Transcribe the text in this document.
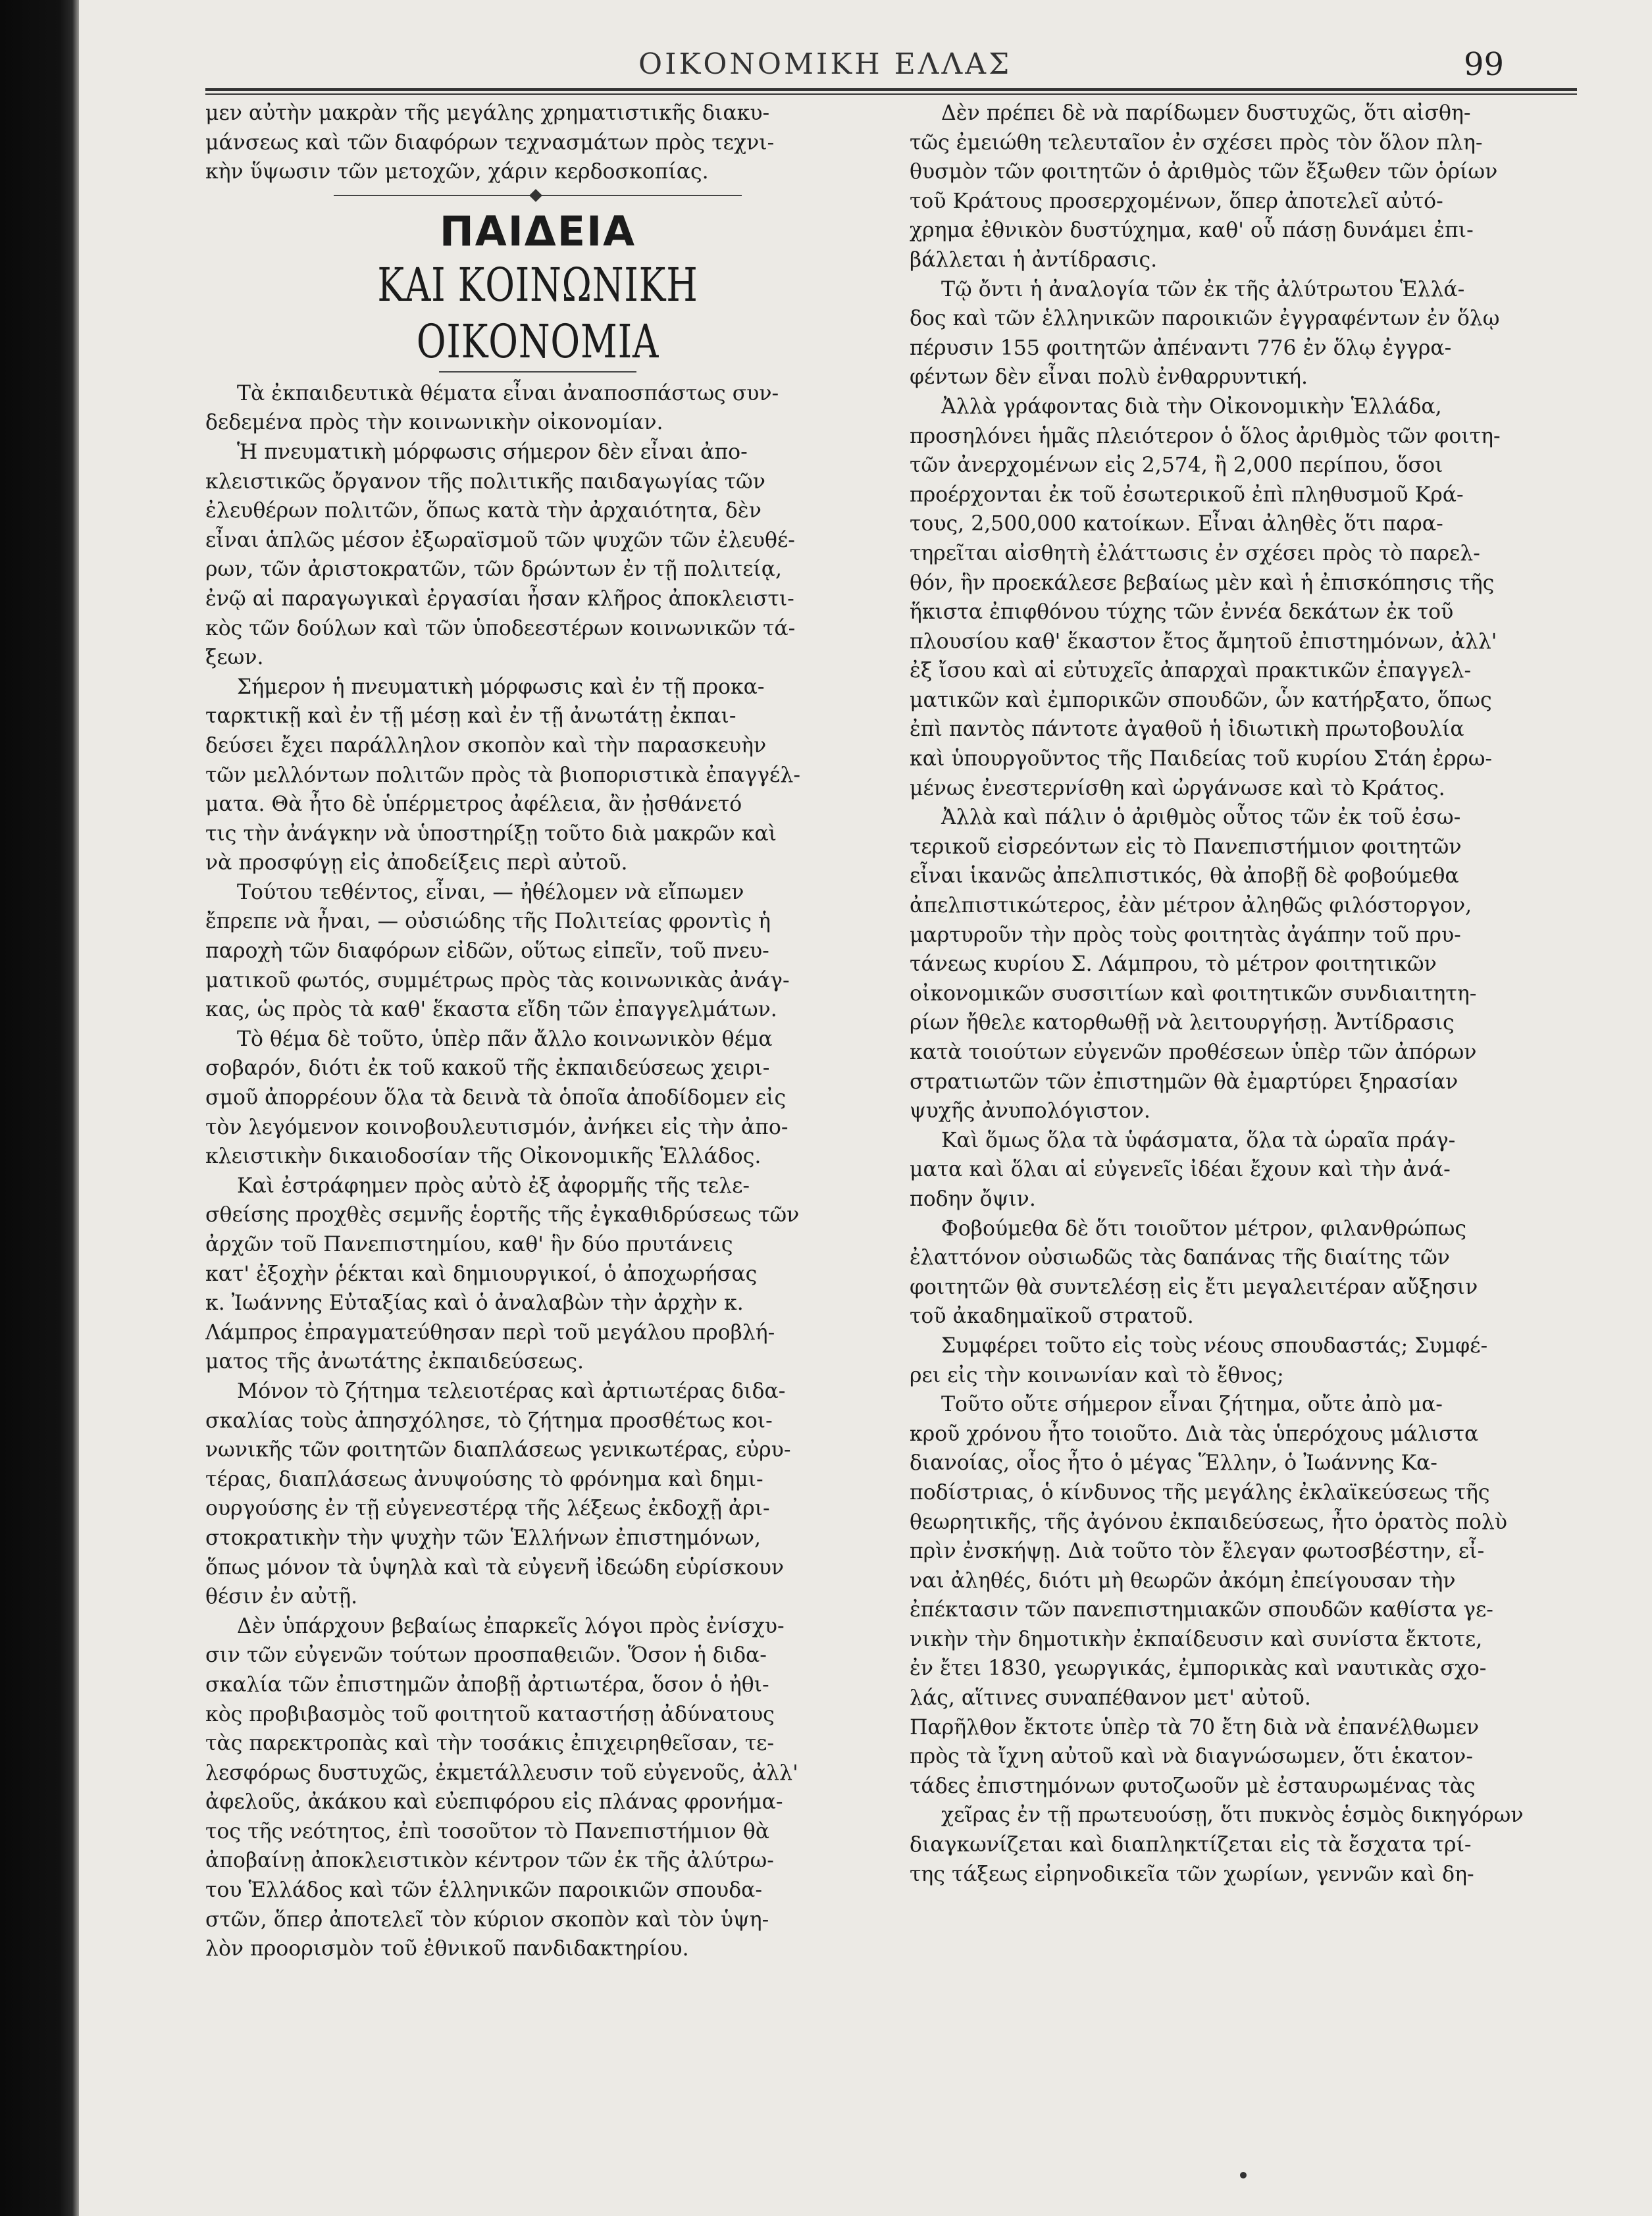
ΟΙΚΟΝΟΜΙΚΗ ΕΛΛΑΣ	99
μεν αὐτὴν μακρὰν τῆς μεγάλης χρηματιστικῆς διακυ-
μάνσεως καὶ τῶν διαφόρων τεχνασμάτων πρὸς τεχνι-
κὴν ὕψωσιν τῶν μετοχῶν, χάριν κερδοσκοπίας.
ΠΑΙΔΕΙΑ
ΚΑΙ ΚΟΙΝΩΝΙΚΗ ΟΙΚΟΝΟΜΙΑ
Τὰ ἐκπαιδευτικὰ θέματα εἶναι ἀναποσπάστως συν-
δεδεμένα πρὸς τὴν κοινωνικὴν οἰκονομίαν.
Ἡ πνευματικὴ μόρφωσις σήμερον δὲν εἶναι ἀπο-
κλειστικῶς ὄργανον τῆς πολιτικῆς παιδαγωγίας τῶν
ἐλευθέρων πολιτῶν, ὅπως κατὰ τὴν ἀρχαιότητα, δὲν
εἶναι ἁπλῶς μέσον ἐξωραϊσμοῦ τῶν ψυχῶν τῶν ἐλευθέ-
ρων, τῶν ἀριστοκρατῶν, τῶν δρώντων ἐν τῇ πολιτείᾳ,
ἐνῷ αἱ παραγωγικαὶ ἐργασίαι ἦσαν κλῆρος ἀποκλειστι-
κὸς τῶν δούλων καὶ τῶν ὑποδεεστέρων κοινωνικῶν τά-
ξεων.
Σήμερον ἡ πνευματικὴ μόρφωσις καὶ ἐν τῇ προκα-
ταρκτικῇ καὶ ἐν τῇ μέσῃ καὶ ἐν τῇ ἀνωτάτῃ ἐκπαι-
δεύσει ἔχει παράλληλον σκοπὸν καὶ τὴν παρασκευὴν
τῶν μελλόντων πολιτῶν πρὸς τὰ βιοποριστικὰ ἐπαγγέλ-
ματα. Θὰ ἦτο δὲ ὑπέρμετρος ἀφέλεια, ἂν ᾐσθάνετό
τις τὴν ἀνάγκην νὰ ὑποστηρίξῃ τοῦτο διὰ μακρῶν καὶ
νὰ προσφύγῃ εἰς ἀποδείξεις περὶ αὐτοῦ.
Τούτου τεθέντος, εἶναι, — ἠθέλομεν νὰ εἴπωμεν
ἔπρεπε νὰ ἦναι, — οὐσιώδης τῆς Πολιτείας φροντὶς ἡ
παροχὴ τῶν διαφόρων εἰδῶν, οὕτως εἰπεῖν, τοῦ πνευ-
ματικοῦ φωτός, συμμέτρως πρὸς τὰς κοινωνικὰς ἀνάγ-
κας, ὡς πρὸς τὰ καθ' ἕκαστα εἴδη τῶν ἐπαγγελμάτων.
Τὸ θέμα δὲ τοῦτο, ὑπὲρ πᾶν ἄλλο κοινωνικὸν θέμα
σοβαρόν, διότι ἐκ τοῦ κακοῦ τῆς ἐκπαιδεύσεως χειρι-
σμοῦ ἀπορρέουν ὅλα τὰ δεινὰ τὰ ὁποῖα ἀποδίδομεν εἰς
τὸν λεγόμενον κοινοβουλευτισμόν, ἀνήκει εἰς τὴν ἀπο-
κλειστικὴν δικαιοδοσίαν τῆς Οἰκονομικῆς Ἑλλάδος.
Καὶ ἐστράφημεν πρὸς αὐτὸ ἐξ ἀφορμῆς τῆς τελε-
σθείσης προχθὲς σεμνῆς ἑορτῆς τῆς ἐγκαθιδρύσεως τῶν
ἀρχῶν τοῦ Πανεπιστημίου, καθ' ἣν δύο πρυτάνεις
κατ' ἐξοχὴν ῥέκται καὶ δημιουργικοί, ὁ ἀποχωρήσας
κ. Ἰωάννης Εὐταξίας καὶ ὁ ἀναλαβὼν τὴν ἀρχὴν κ.
Λάμπρος ἐπραγματεύθησαν περὶ τοῦ μεγάλου προβλή-
ματος τῆς ἀνωτάτης ἐκπαιδεύσεως.
Μόνον τὸ ζήτημα τελειοτέρας καὶ ἀρτιωτέρας διδα-
σκαλίας τοὺς ἀπησχόλησε, τὸ ζήτημα προσθέτως κοι-
νωνικῆς τῶν φοιτητῶν διαπλάσεως γενικωτέρας, εὐρυ-
τέρας, διαπλάσεως ἀνυψούσης τὸ φρόνημα καὶ δημι-
ουργούσης ἐν τῇ εὐγενεστέρᾳ τῆς λέξεως ἐκδοχῇ ἀρι-
στοκρατικὴν τὴν ψυχὴν τῶν Ἑλλήνων ἐπιστημόνων,
ὅπως μόνον τὰ ὑψηλὰ καὶ τὰ εὐγενῆ ἰδεώδη εὑρίσκουν
θέσιν ἐν αὐτῇ.
Δὲν ὑπάρχουν βεβαίως ἐπαρκεῖς λόγοι πρὸς ἐνίσχυ-
σιν τῶν εὐγενῶν τούτων προσπαθειῶν. Ὅσον ἡ διδα-
σκαλία τῶν ἐπιστημῶν ἀποβῇ ἀρτιωτέρα, ὅσον ὁ ἠθι-
κὸς προβιβασμὸς τοῦ φοιτητοῦ καταστήσῃ ἀδύνατους
τὰς παρεκτροπὰς καὶ τὴν τοσάκις ἐπιχειρηθεῖσαν, τε-
λεσφόρως δυστυχῶς, ἐκμετάλλευσιν τοῦ εὐγενοῦς, ἀλλ'
ἀφελοῦς, ἀκάκου καὶ εὐεπιφόρου εἰς πλάνας φρονήμα-
τος τῆς νεότητος, ἐπὶ τοσοῦτον τὸ Πανεπιστήμιον θὰ
ἀποβαίνῃ ἀποκλειστικὸν κέντρον τῶν ἐκ τῆς ἀλύτρω-
του Ἑλλάδος καὶ τῶν ἑλληνικῶν παροικιῶν σπουδα-
στῶν, ὅπερ ἀποτελεῖ τὸν κύριον σκοπὸν καὶ τὸν ὑψη-
λὸν προορισμὸν τοῦ ἐθνικοῦ πανδιδακτηρίου.
Δὲν πρέπει δὲ νὰ παρίδωμεν δυστυχῶς, ὅτι αἰσθη-
τῶς ἐμειώθη τελευταῖον ἐν σχέσει πρὸς τὸν ὅλον πλη-
θυσμὸν τῶν φοιτητῶν ὁ ἀριθμὸς τῶν ἔξωθεν τῶν ὁρίων
τοῦ Κράτους προσερχομένων, ὅπερ ἀποτελεῖ αὐτό-
χρημα ἐθνικὸν δυστύχημα, καθ' οὗ πάσῃ δυνάμει ἐπι-
βάλλεται ἡ ἀντίδρασις.
Τῷ ὄντι ἡ ἀναλογία τῶν ἐκ τῆς ἀλύτρωτου Ἑλλά-
δος καὶ τῶν ἑλληνικῶν παροικιῶν ἐγγραφέντων ἐν ὅλῳ
πέρυσιν 155 φοιτητῶν ἀπέναντι 776 ἐν ὅλῳ ἐγγρα-
φέντων δὲν εἶναι πολὺ ἐνθαρρυντική.
Ἀλλὰ γράφοντας διὰ τὴν Οἰκονομικὴν Ἑλλάδα,
προσηλόνει ἡμᾶς πλειότερον ὁ ὅλος ἀριθμὸς τῶν φοιτη-
τῶν ἀνερχομένων εἰς 2,574, ἢ 2,000 περίπου, ὅσοι
προέρχονται ἐκ τοῦ ἐσωτερικοῦ ἐπὶ πληθυσμοῦ Κρά-
τους, 2,500,000 κατοίκων. Εἶναι ἀληθὲς ὅτι παρα-
τηρεῖται αἰσθητὴ ἐλάττωσις ἐν σχέσει πρὸς τὸ παρελ-
θόν, ἣν προεκάλεσε βεβαίως μὲν καὶ ἡ ἐπισκόπησις τῆς
ἥκιστα ἐπιφθόνου τύχης τῶν ἐννέα δεκάτων ἐκ τοῦ
πλουσίου καθ' ἕκαστον ἔτος ἄμητοῦ ἐπιστημόνων, ἀλλ'
ἐξ ἴσου καὶ αἱ εὐτυχεῖς ἀπαρχαὶ πρακτικῶν ἐπαγγελ-
ματικῶν καὶ ἐμπορικῶν σπουδῶν, ὧν κατήρξατο, ὅπως
ἐπὶ παντὸς πάντοτε ἀγαθοῦ ἡ ἰδιωτικὴ πρωτοβουλία
καὶ ὑπουργοῦντος τῆς Παιδείας τοῦ κυρίου Στάη ἐρρω-
μένως ἐνεστερνίσθη καὶ ὠργάνωσε καὶ τὸ Κράτος.
Ἀλλὰ καὶ πάλιν ὁ ἀριθμὸς οὗτος τῶν ἐκ τοῦ ἐσω-
τερικοῦ εἰσρεόντων εἰς τὸ Πανεπιστήμιον φοιτητῶν
εἶναι ἱκανῶς ἀπελπιστικός, θὰ ἀποβῇ δὲ φοβούμεθα
ἀπελπιστικώτερος, ἐὰν μέτρον ἀληθῶς φιλόστοργον,
μαρτυροῦν τὴν πρὸς τοὺς φοιτητὰς ἀγάπην τοῦ πρυ-
τάνεως κυρίου Σ. Λάμπρου, τὸ μέτρον φοιτητικῶν
οἰκονομικῶν συσσιτίων καὶ φοιτητικῶν συνδιαιτητη-
ρίων ἤθελε κατορθωθῇ νὰ λειτουργήσῃ. Ἀντίδρασις
κατὰ τοιούτων εὐγενῶν προθέσεων ὑπὲρ τῶν ἀπόρων
στρατιωτῶν τῶν ἐπιστημῶν θὰ ἐμαρτύρει ξηρασίαν
ψυχῆς ἀνυπολόγιστον.
Καὶ ὅμως ὅλα τὰ ὑφάσματα, ὅλα τὰ ὡραῖα πράγ-
ματα καὶ ὅλαι αἱ εὐγενεῖς ἰδέαι ἔχουν καὶ τὴν ἀνά-
ποδην ὄψιν.
Φοβούμεθα δὲ ὅτι τοιοῦτον μέτρον, φιλανθρώπως
ἐλαττόνον οὐσιωδῶς τὰς δαπάνας τῆς διαίτης τῶν
φοιτητῶν θὰ συντελέσῃ εἰς ἔτι μεγαλειτέραν αὔξησιν
τοῦ ἀκαδημαϊκοῦ στρατοῦ.
Συμφέρει τοῦτο εἰς τοὺς νέους σπουδαστάς; Συμφέ-
ρει εἰς τὴν κοινωνίαν καὶ τὸ ἔθνος;
Τοῦτο οὔτε σήμερον εἶναι ζήτημα, οὔτε ἀπὸ μα-
κροῦ χρόνου ἦτο τοιοῦτο. Διὰ τὰς ὑπερόχους μάλιστα
διανοίας, οἷος ἦτο ὁ μέγας Ἕλλην, ὁ Ἰωάννης Κα-
ποδίστριας, ὁ κίνδυνος τῆς μεγάλης ἐκλαϊκεύσεως τῆς
θεωρητικῆς, τῆς ἀγόνου ἐκπαιδεύσεως, ἦτο ὁρατὸς πολὺ
πρὶν ἐνσκήψῃ. Διὰ τοῦτο τὸν ἔλεγαν φωτοσβέστην, εἶ-
ναι ἀληθές, διότι μὴ θεωρῶν ἀκόμη ἐπείγουσαν τὴν
ἐπέκτασιν τῶν πανεπιστημιακῶν σπουδῶν καθίστα γε-
νικὴν τὴν δημοτικὴν ἐκπαίδευσιν καὶ συνίστα ἔκτοτε,
ἐν ἔτει 1830, γεωργικάς, ἐμπορικὰς καὶ ναυτικὰς σχο-
λάς, αἵτινες συναπέθανον μετ' αὐτοῦ.
Παρῆλθον ἔκτοτε ὑπὲρ τὰ 70 ἔτη διὰ νὰ ἐπανέλθωμεν
πρὸς τὰ ἴχνη αὐτοῦ καὶ νὰ διαγνώσωμεν, ὅτι ἑκατον-
τάδες ἐπιστημόνων φυτοζωοῦν μὲ ἐσταυρωμένας τὰς
χεῖρας ἐν τῇ πρωτευούσῃ, ὅτι πυκνὸς ἑσμὸς δικηγόρων
διαγκωνίζεται καὶ διαπληκτίζεται εἰς τὰ ἔσχατα τρί-
της τάξεως εἰρηνοδικεῖα τῶν χωρίων, γεννῶν καὶ δη-
